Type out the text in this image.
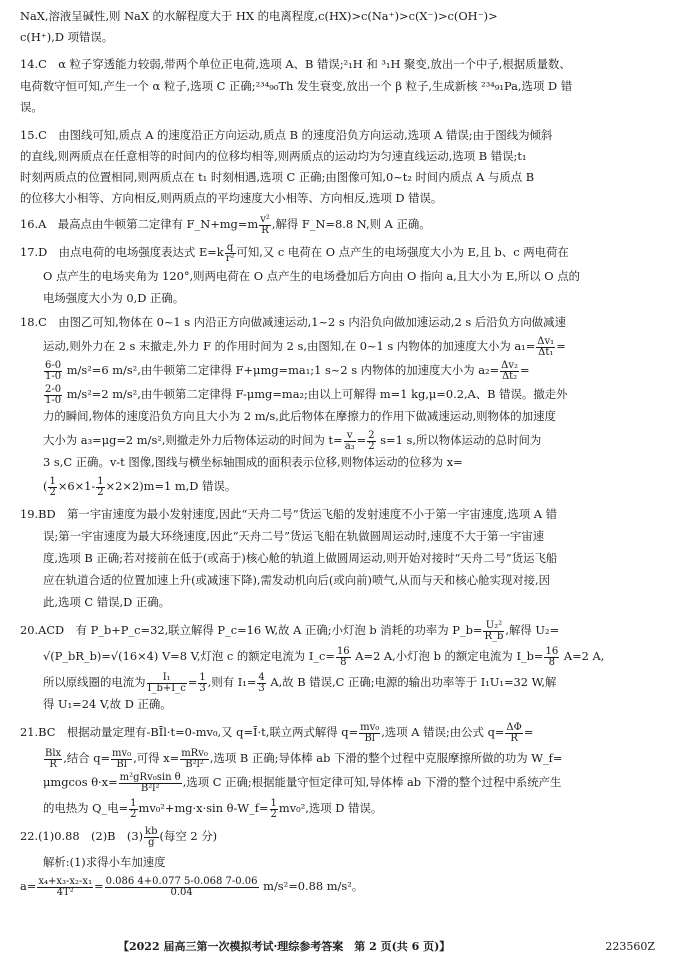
NaX,溶液呈碱性,则 NaX 的水解程度大于 HX 的电离程度,c(HX)>c(Na⁺)>c(X⁻)>c(OH⁻)>
c(H⁺),D 项错误。
14.C　α 粒子穿透能力较弱,带两个单位正电荷,选项 A、B 错误;²₁H 和 ³₁H 聚变,放出一个中子,根据质量数、
电荷数守恒可知,产生一个 α 粒子,选项 C 正确;²³⁴₉₀Th 发生衰变,放出一个 β 粒子,生成新核 ²³⁴₉₁Pa,选项 D 错
误。
15.C　由图线可知,质点 A 的速度沿正方向运动,质点 B 的速度沿负方向运动,选项 A 错误;由于图线为倾斜
的直线,则两质点在任意相等的时间内的位移均相等,则两质点的运动均为匀速直线运动,选项 B 错误;t₁
时刻两质点的位置相同,则两质点在 t₁ 时刻相遇,选项 C 正确;由图像可知,0~t₂ 时间内质点 A 与质点 B
的位移大小相等、方向相反,则两质点的平均速度大小相等、方向相反,选项 D 错误。
16.A　最高点由牛顿第二定律有 F_N+mg=m $\frac{\text{v²}}{R}$ ,解得 F_N=8.8 N,则 A 正确。
17.D　由点电荷的电场强度表达式 $E=k \frac{q}{\text{r²}}$ 可知,又 c 电荷在 O 点产生的电场强度大小为 E,且 b、c 两电荷在
O 点产生的电场夹角为 120°,则两电荷在 O 点产生的电场叠加后方向由 O 指向 a,且大小为 E,所以 O 点的
电场强度大小为 0,D 正确。
18.C　由图乙可知,物体在 0~1 s 内沿正方向做减速运动,1~2 s 内沿负向做加速运动,2 s 后沿负方向做减速
运动,则外力在 2 s 末撤走,外力 F 的作用时间为 2 s,由图知,在 0~1 s 内物体的加速度大小为 $a_1= \frac{\text{Δv₁}}{\text{Δt₁}}$ =
$\frac{6-0}{1-0} m/s^2=6$ m/s²,由牛顿第二定律得 F+μmg=ma₁;1 s~2 s 内物体的加速度大小为 $a_2= \frac{\text{Δv₂}}{\text{Δt₂}}$ =
$\frac{2-0}{1-0} m/s^2=2$ m/s²,由牛顿第二定律得 F-μmg=ma₂;由以上可解得 m=1 kg,μ=0.2,A、B 错误。撤走外
力的瞬间,物体的速度沿负方向且大小为 2 m/s,此后物体在摩擦力的作用下做减速运动,则物体的加速度
大小为 a₃=μg=2 m/s²,则撤走外力后物体运动的时间为 $t= \frac{v}{\text{a₃}} = \frac{2}{2} s=1$ s,所以物体运动的总时间为
3 s,C 正确。v-t 图像,图线与横坐标轴围成的面积表示位移,则物体运动的位移为 x=
( $\frac{1}{2} \times 6\times 1- \frac{1}{2} \times 2\times 2)m=1$ m,D 错误。
19.BD　第一宇宙速度为最小发射速度,因此“天舟二号”货运飞船的发射速度不小于第一宇宙速度,选项 A 错
误;第一宇宙速度为最大环绕速度,因此“天舟二号”货运飞船在轨做圆周运动时,速度不大于第一宇宙速
度,选项 B 正确;若对接前在低于(或高于)核心舱的轨道上做圆周运动,则开始对接时“天舟二号”货运飞船
应在轨道合适的位置加速上升(或减速下降),需发动机向后(或向前)喷气,从而与天和核心舱实现对接,因
此,选项 C 错误,D 正确。
20.ACD　有 P_b+P_c=32,联立解得 P_c=16 W,故 A 正确;小灯泡 b 消耗的功率为 P_b= $\frac{\text{U₂²}}{R\_b}$ ,解得 U₂=
√(P_bR_b)=√(16×4) V=8 V,灯泡 c 的额定电流为 I_c= $\frac{16}{8} A=2$ A,小灯泡 b 的额定电流为 I_b= $\frac{16}{8} A=2$ A,
所以原线圈的电流为 $\frac{\text{I₁}}{I\_b+I\_c} = \frac{1}{3}$ ,则有 $I_1= \frac{4}{3} A$,故 B 错误,C 正确;电源的输出功率等于 I₁U₁=32 W,解
得 U₁=24 V,故 D 正确。
21.BC　根据动量定理有-BĪl·t=0-mv₀,又 q=Ī·t,联立两式解得 $q= \frac{\text{mv₀}}{Bl}$ ,选项 A 错误;由公式 $q= \frac{\Delta\Phi}{R}$ =
$\frac{\text{Blx}}{R}$ ,结合 $q= \frac{\text{mv₀}}{Bl}$ ,可得 $x= \frac{\text{mRv₀}}{\text{B²l²}}$ ,选项 B 正确;导体棒 ab 下滑的整个过程中克服摩擦所做的功为 W_f=
μmgcos $\theta\cdot x= \frac{\text{m²gRv₀sin θ}}{\text{B²l²}}$ ,选项 C 正确;根据能量守恒定律可知,导体棒 ab 下滑的整个过程中系统产生
的电热为 Q_电= $\frac{1}{2} mv_0^2+mg\cdot x\cdot\sin$ θ-W_f= $\frac{1}{2} mv_0^2$,选项 D 错误。
22.(1)0.88　(2)B　$(3) \frac{kb}{g}$ (每空 2 分)
解析:(1)求得小车加速度
$a= \frac{\text{x₄+x₃-x₂-x₁}}{\text{4T²}} = \frac{0.086 4+0.077 5-0.068 7-0.06}{0.04} m/s^2=0.88$ m/s²。
【2022 届高三第一次模拟考试·理综参考答案　第 2 页(共 6 页)】	223560Z
